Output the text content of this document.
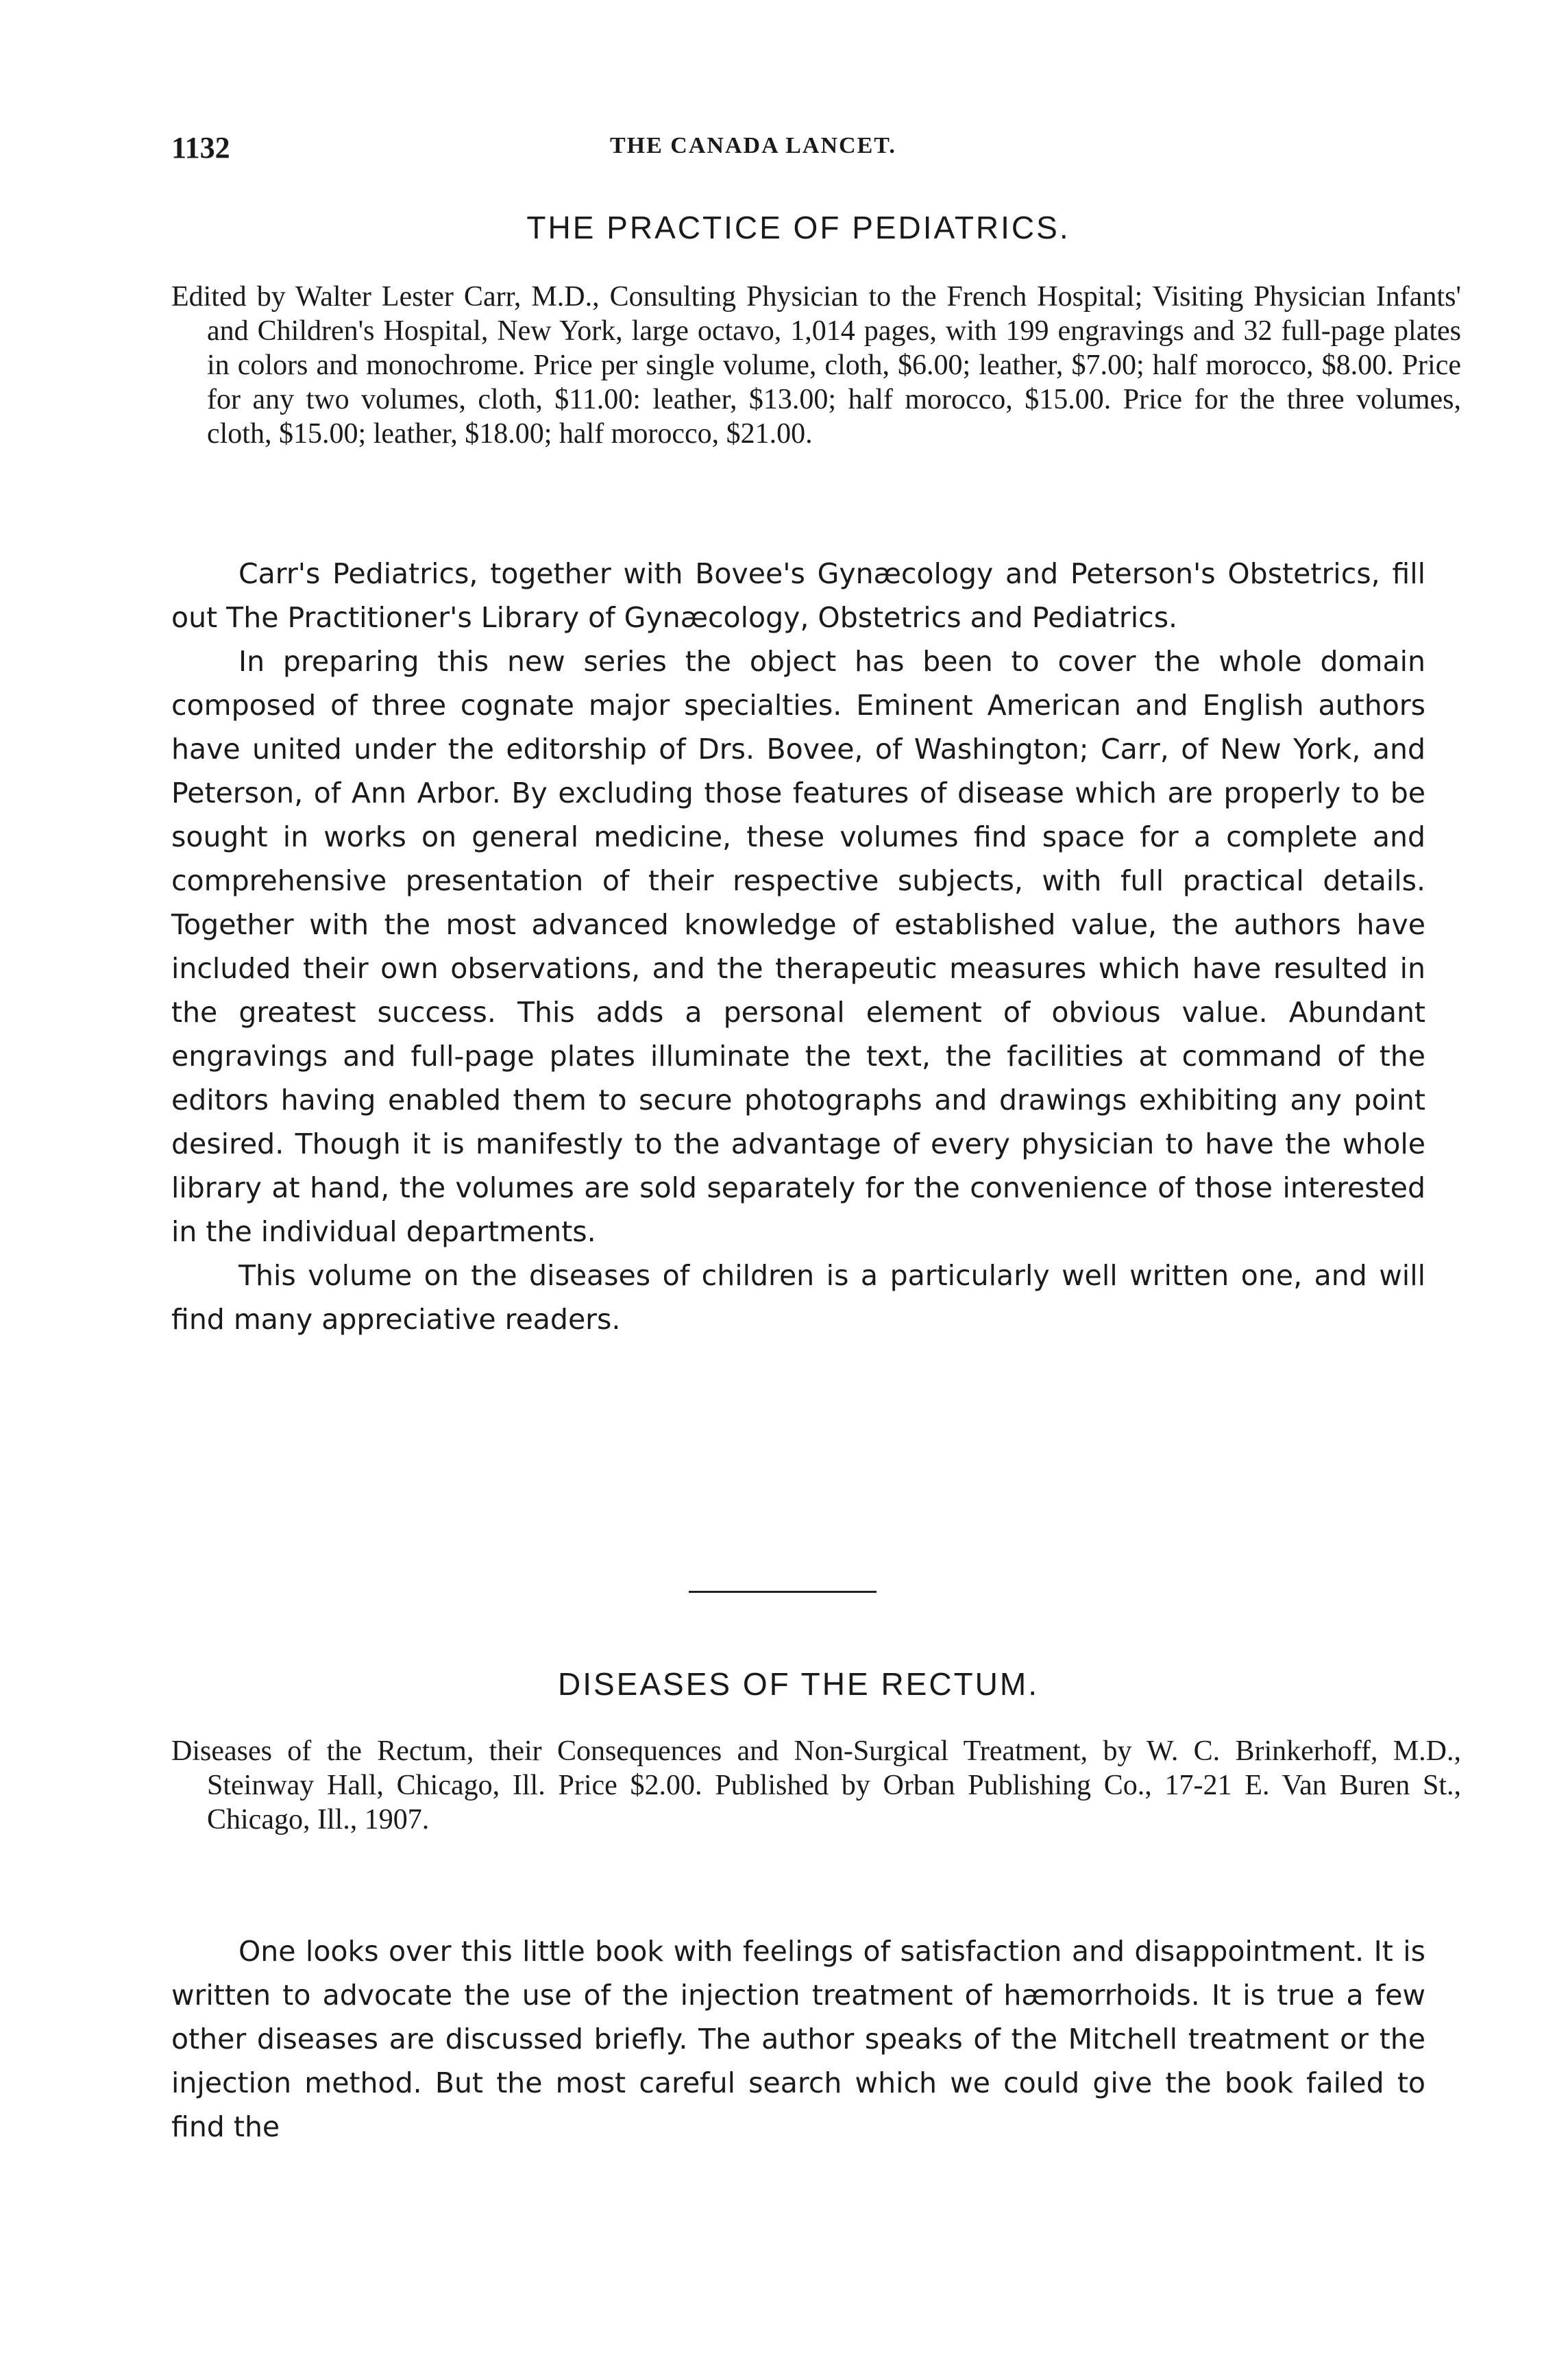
1132	THE CANADA LANCET.
THE PRACTICE OF PEDIATRICS.

Edited by Walter Lester Carr, M.D., Consulting Physician to the French Hospital; Visiting Physician Infants' and Children's Hospital, New York, large octavo, 1,014 pages, with 199 engravings and 32 full-page plates in colors and monochrome. Price per single volume, cloth, $6.00; leather, $7.00; half morocco, $8.00. Price for any two volumes, cloth, $11.00: leather, $13.00; half morocco, $15.00. Price for the three volumes, cloth, $15.00; leather, $18.00; half morocco, $21.00.

Carr's Pediatrics, together with Bovee's Gynæcology and Peterson's Obstetrics, fill out The Practitioner's Library of Gynæcology, Obstetrics and Pediatrics.

In preparing this new series the object has been to cover the whole domain composed of three cognate major specialties. Eminent American and English authors have united under the editorship of Drs. Bovee, of Washington; Carr, of New York, and Peterson, of Ann Arbor. By excluding those features of disease which are properly to be sought in works on general medicine, these volumes find space for a complete and comprehensive presentation of their respective subjects, with full practical details. Together with the most advanced knowledge of established value, the authors have included their own observations, and the therapeutic measures which have resulted in the greatest success. This adds a personal element of obvious value. Abundant engravings and full-page plates illuminate the text, the facilities at command of the editors having enabled them to secure photographs and drawings exhibiting any point desired. Though it is manifestly to the advantage of every physician to have the whole library at hand, the volumes are sold separately for the convenience of those interested in the individual departments.

This volume on the diseases of children is a particularly well written one, and will find many appreciative readers.

DISEASES OF THE RECTUM.

Diseases of the Rectum, their Consequences and Non-Surgical Treatment, by W. C. Brinkerhoff, M.D., Steinway Hall, Chicago, Ill. Price $2.00. Published by Orban Publishing Co., 17-21 E. Van Buren St., Chicago, Ill., 1907.

One looks over this little book with feelings of satisfaction and disappointment. It is written to advocate the use of the injection treatment of hæmorrhoids. It is true a few other diseases are discussed briefly. The author speaks of the Mitchell treatment or the injection method. But the most careful search which we could give the book failed to find the
